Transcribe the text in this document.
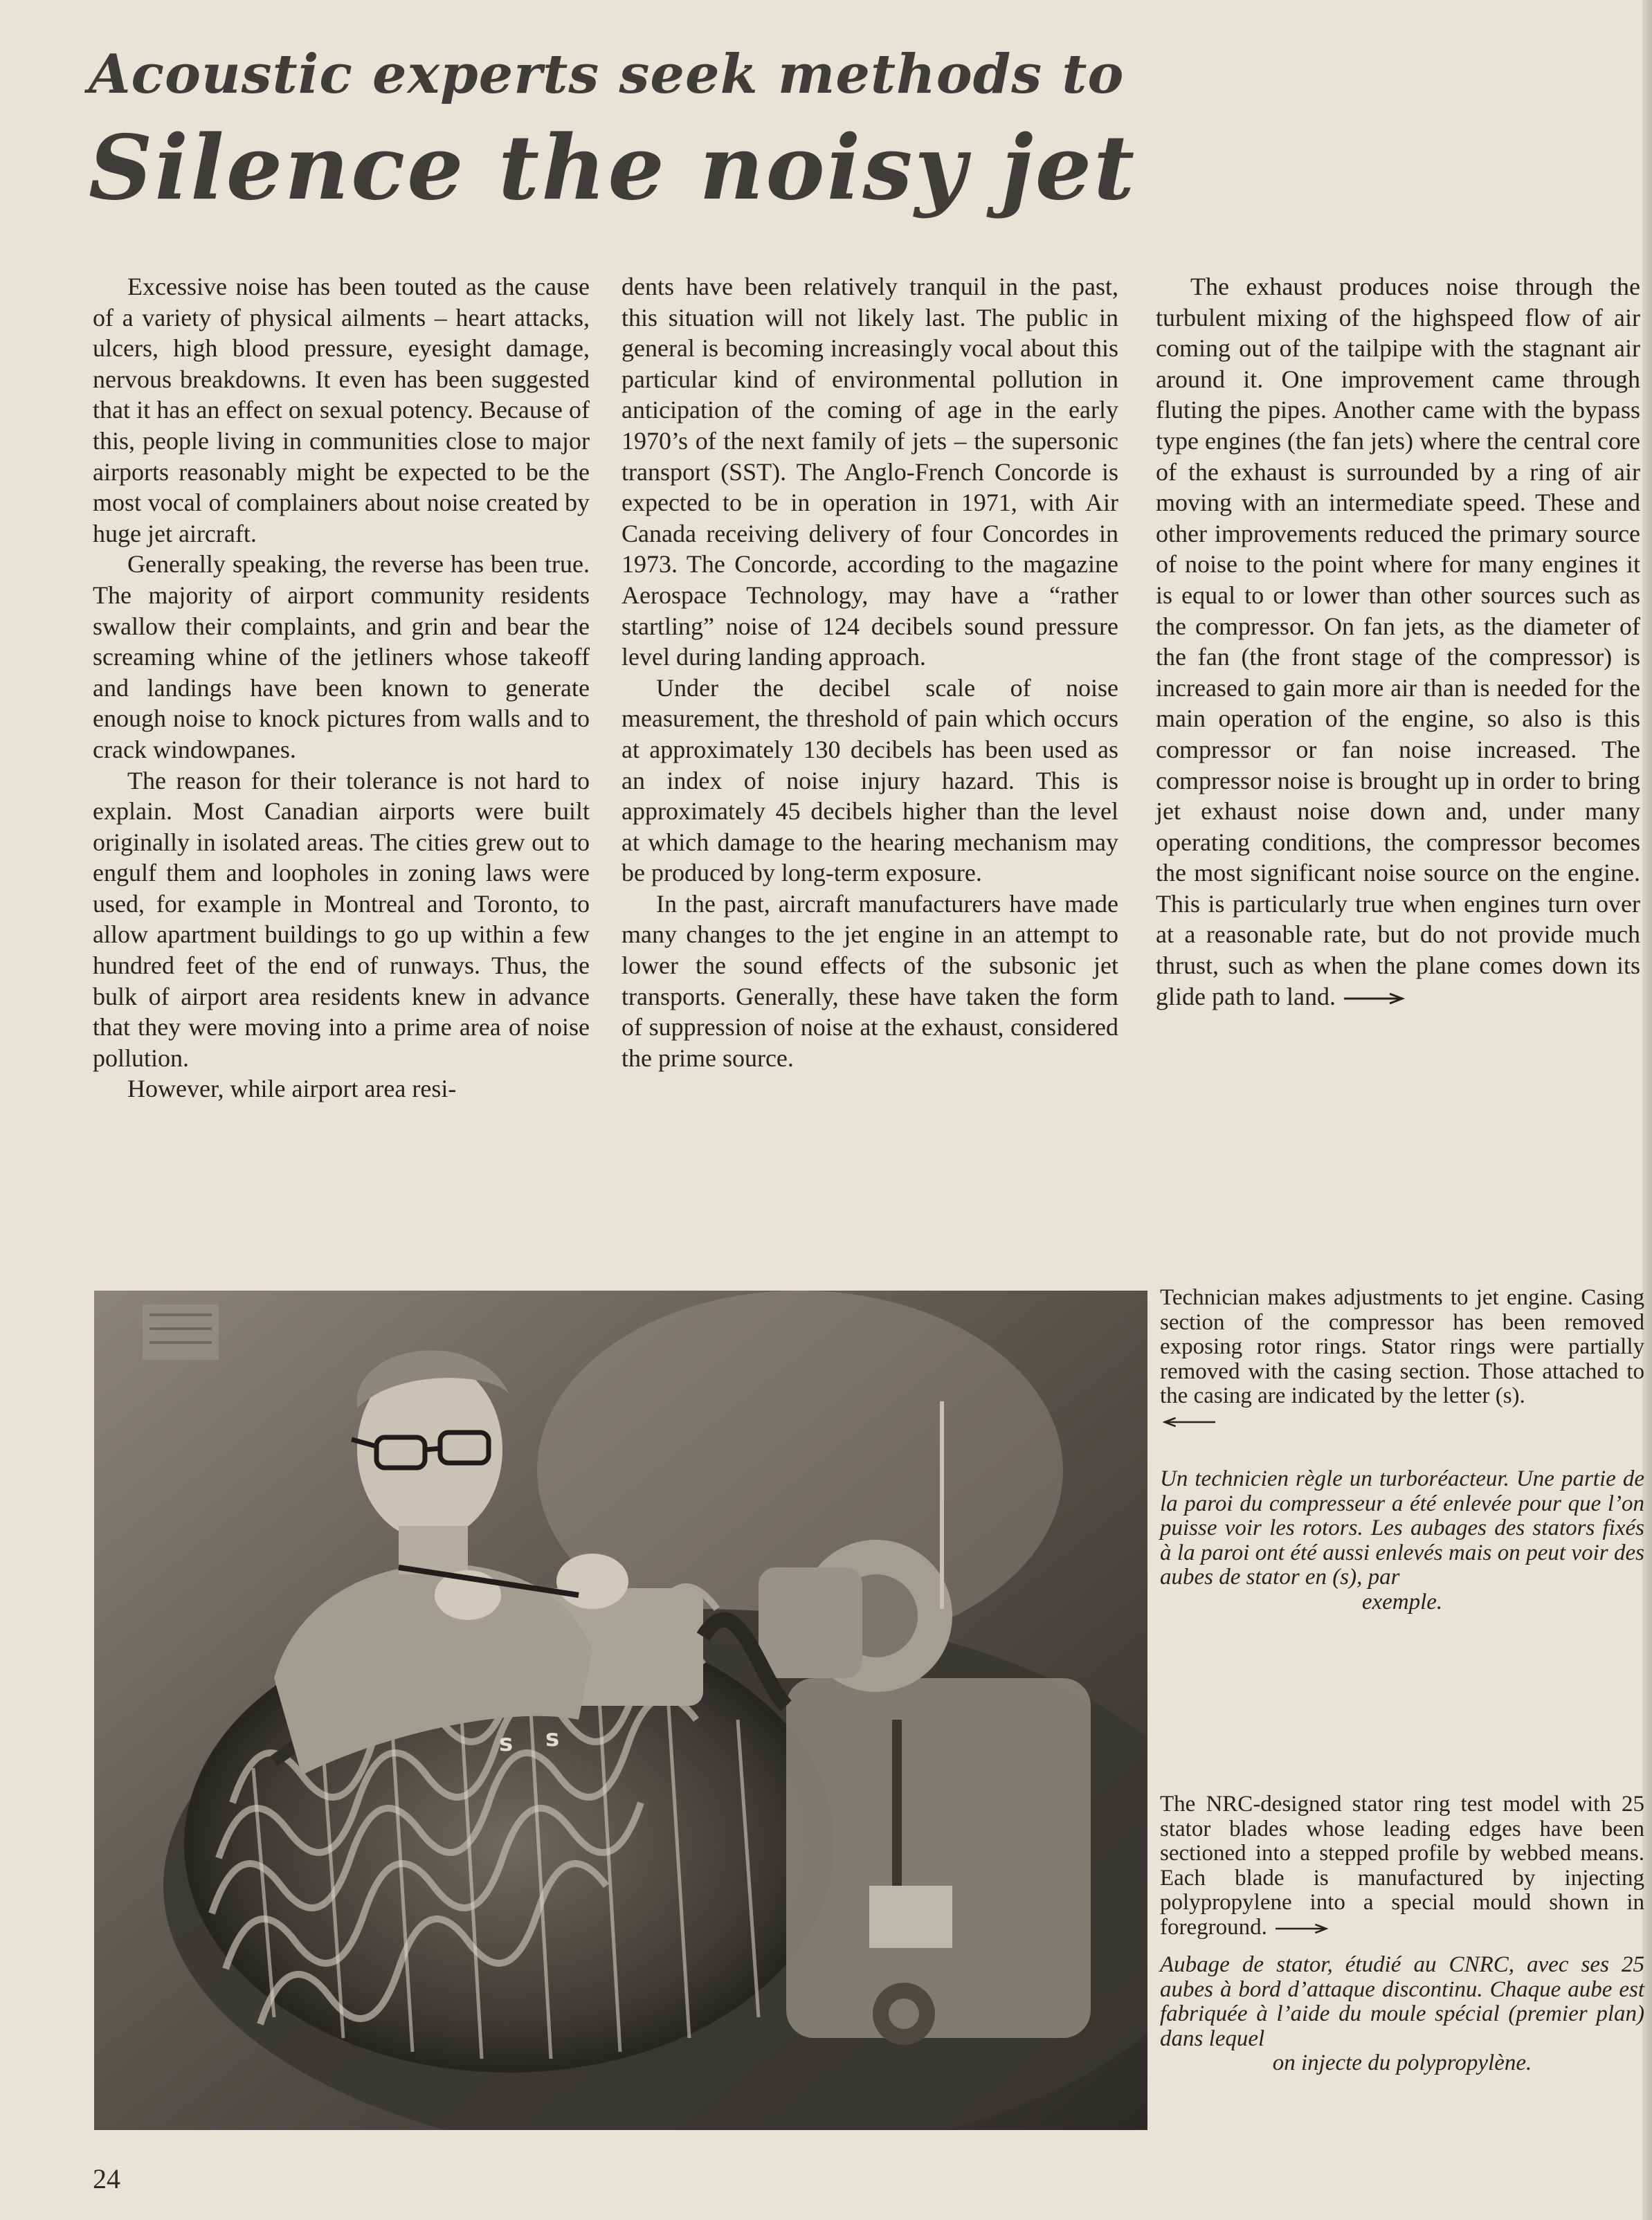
Acoustic experts seek methods to
Silence the noisy jet

Excessive noise has been touted as the cause of a variety of physical ailments – heart attacks, ulcers, high blood pressure, eyesight damage, nervous breakdowns. It even has been suggested that it has an effect on sexual potency. Because of this, people living in communities close to major airports reasonably might be expected to be the most vocal of complainers about noise created by huge jet aircraft.

Generally speaking, the reverse has been true. The majority of airport community residents swallow their complaints, and grin and bear the screaming whine of the jetliners whose takeoff and landings have been known to generate enough noise to knock pictures from walls and to crack windowpanes.

The reason for their tolerance is not hard to explain. Most Canadian airports were built originally in isolated areas. The cities grew out to engulf them and loopholes in zoning laws were used, for example in Montreal and Toronto, to allow apartment buildings to go up within a few hundred feet of the end of runways. Thus, the bulk of airport area residents knew in advance that they were moving into a prime area of noise pollution.

However, while airport area resi-

dents have been relatively tranquil in the past, this situation will not likely last. The public in general is becoming increasingly vocal about this particular kind of environmental pollution in anticipation of the coming of age in the early 1970’s of the next family of jets – the supersonic transport (SST). The Anglo-French Concorde is expected to be in operation in 1971, with Air Canada receiving delivery of four Concordes in 1973. The Concorde, according to the magazine Aerospace Technology, may have a “rather startling” noise of 124 decibels sound pressure level during landing approach.

Under the decibel scale of noise measurement, the threshold of pain which occurs at approximately 130 decibels has been used as an index of noise injury hazard. This is approximately 45 decibels higher than the level at which damage to the hearing mechanism may be produced by long-term exposure.

In the past, aircraft manufacturers have made many changes to the jet engine in an attempt to lower the sound effects of the subsonic jet transports. Generally, these have taken the form of suppression of noise at the exhaust, considered the prime source.

The exhaust produces noise through the turbulent mixing of the highspeed flow of air coming out of the tailpipe with the stagnant air around it. One improvement came through fluting the pipes. Another came with the bypass type engines (the fan jets) where the central core of the exhaust is surrounded by a ring of air moving with an intermediate speed. These and other improvements reduced the primary source of noise to the point where for many engines it is equal to or lower than other sources such as the compressor. On fan jets, as the diameter of the fan (the front stage of the compressor) is increased to gain more air than is needed for the main operation of the engine, so also is this compressor or fan noise increased. The compressor noise is brought up in order to bring jet exhaust noise down and, under many operating conditions, the compressor becomes the most significant noise source on the engine. This is particularly true when engines turn over at a reasonable rate, but do not provide much thrust, such as when the plane comes down its glide path to land.

s s

Technician makes adjustments to jet engine. Casing section of the compressor has been removed exposing rotor rings. Stator rings were partially removed with the casing section. Those attached to the casing are indicated by the letter (s).

Un technicien règle un turboréacteur. Une partie de la paroi du compresseur a été enlevée pour que l’on puisse voir les rotors. Les aubages des stators fixés à la paroi ont été aussi enlevés mais on peut voir des aubes de stator en (s), par
exemple.

The NRC-designed stator ring test model with 25 stator blades whose leading edges have been sectioned into a stepped profile by webbed means. Each blade is manufactured by injecting polypropylene into a special mould shown in foreground.

Aubage de stator, étudié au CNRC, avec ses 25 aubes à bord d’attaque discontinu. Chaque aube est fabriquée à l’aide du moule spécial (premier plan) dans lequel
on injecte du polypropylène.

24
